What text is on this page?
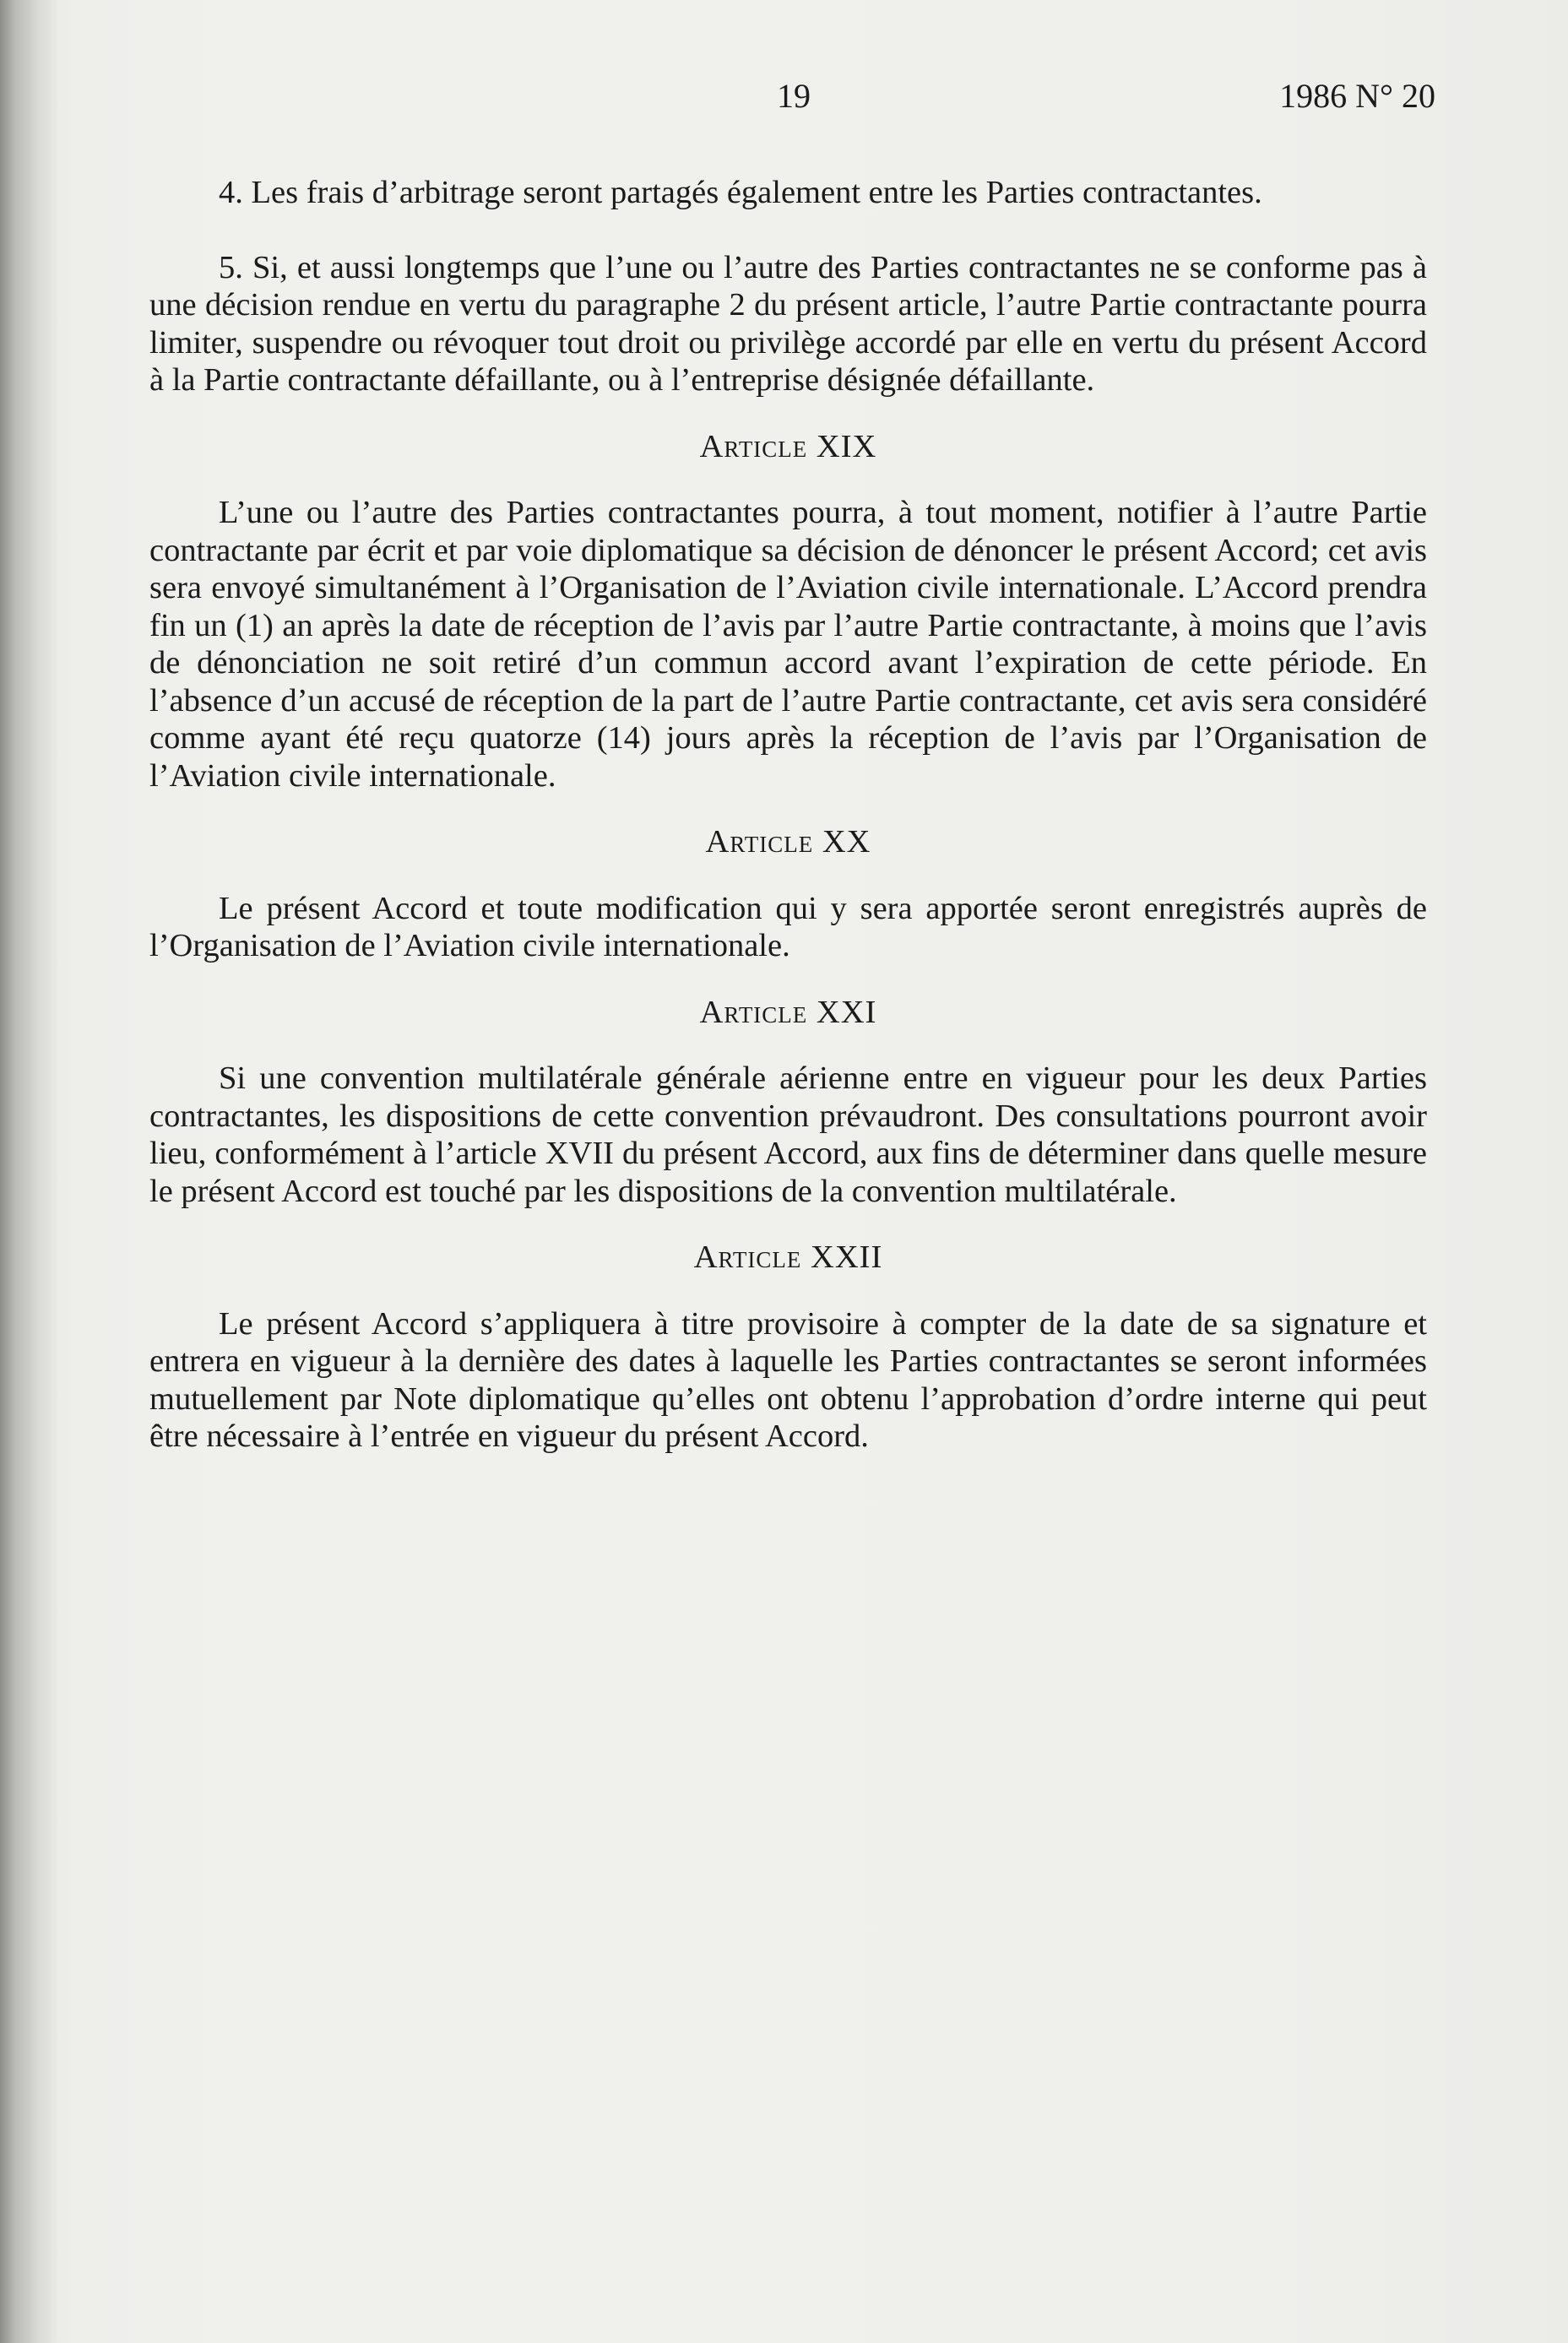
19	1986 N° 20

4. Les frais d’arbitrage seront partagés également entre les Parties contractantes.

5. Si, et aussi longtemps que l’une ou l’autre des Parties contractantes ne se conforme pas à une décision rendue en vertu du paragraphe 2 du présent article, l’autre Partie contractante pourra limiter, suspendre ou révoquer tout droit ou privilège accordé par elle en vertu du présent Accord à la Partie contractante défaillante, ou à l’entreprise désignée défaillante.

Article XIX

L’une ou l’autre des Parties contractantes pourra, à tout moment, notifier à l’autre Partie contractante par écrit et par voie diplomatique sa décision de dénoncer le présent Accord; cet avis sera envoyé simultanément à l’Organisation de l’Aviation civile internationale. L’Accord prendra fin un (1) an après la date de réception de l’avis par l’autre Partie contractante, à moins que l’avis de dénonciation ne soit retiré d’un commun accord avant l’expiration de cette période. En l’absence d’un accusé de réception de la part de l’autre Partie contractante, cet avis sera considéré comme ayant été reçu quatorze (14) jours après la réception de l’avis par l’Organisation de l’Aviation civile internationale.

Article XX

Le présent Accord et toute modification qui y sera apportée seront enregistrés auprès de l’Organisation de l’Aviation civile internationale.

Article XXI

Si une convention multilatérale générale aérienne entre en vigueur pour les deux Parties contractantes, les dispositions de cette convention prévaudront. Des consultations pourront avoir lieu, conformément à l’article XVII du présent Accord, aux fins de déterminer dans quelle mesure le présent Accord est touché par les dispositions de la convention multilatérale.

Article XXII

Le présent Accord s’appliquera à titre provisoire à compter de la date de sa signature et entrera en vigueur à la dernière des dates à laquelle les Parties contractantes se seront informées mutuellement par Note diplomatique qu’elles ont obtenu l’approbation d’ordre interne qui peut être nécessaire à l’entrée en vigueur du présent Accord.
